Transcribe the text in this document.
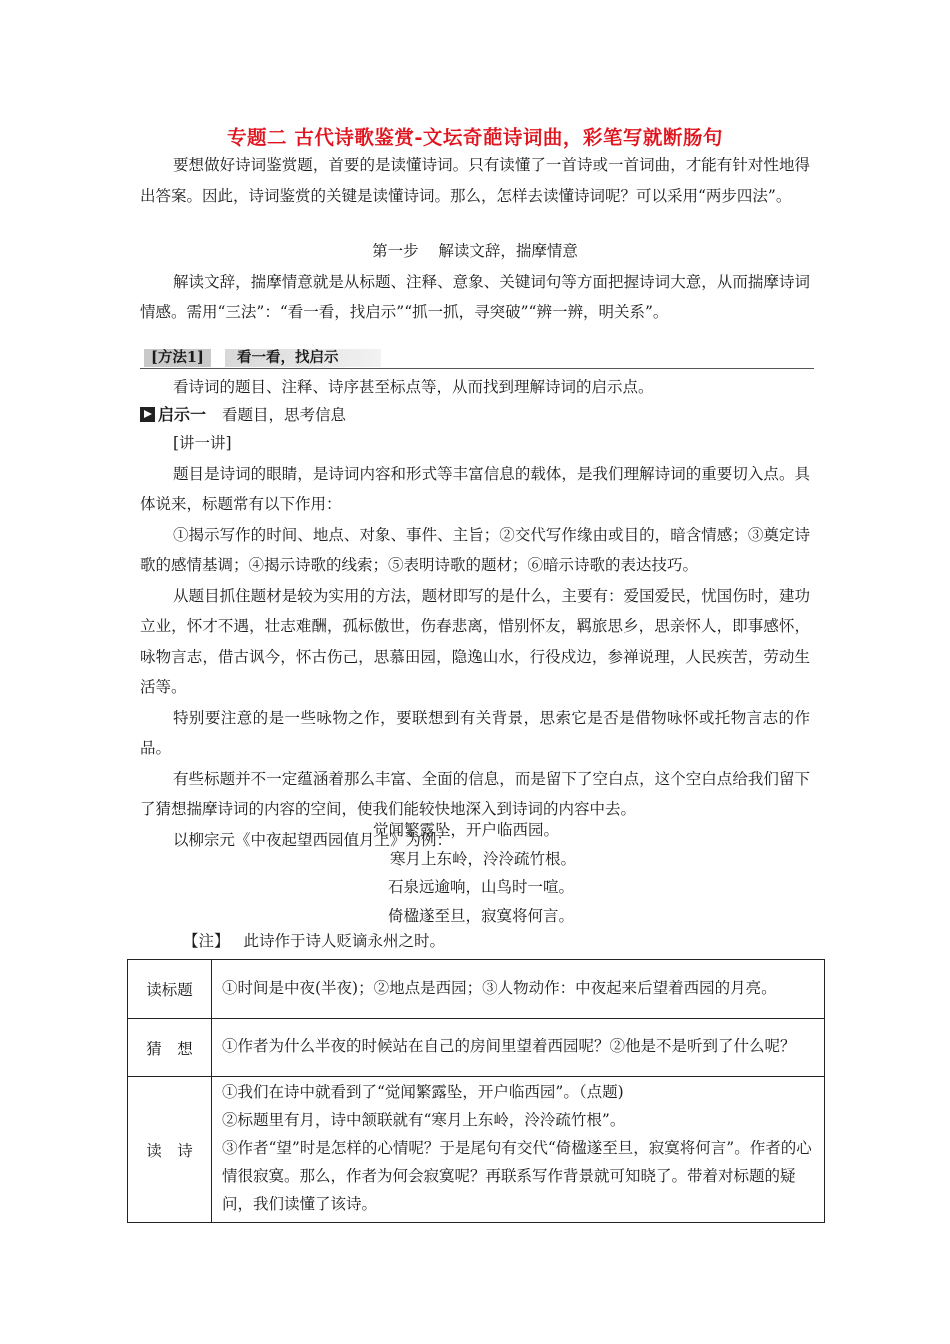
专题二 古代诗歌鉴赏-文坛奇葩诗词曲，彩笔写就断肠句

要想做好诗词鉴赏题，首要的是读懂诗词。只有读懂了一首诗或一首词曲，才能有针对性地得出答案。因此，诗词鉴赏的关键是读懂诗词。那么，怎样去读懂诗词呢？可以采用“两步四法”。

第一步    解读文辞，揣摩情意

解读文辞，揣摩情意就是从标题、注释、意象、关键词句等方面把握诗词大意，从而揣摩诗词情感。需用“三法”：“看一看，找启示”“抓一抓，寻突破”“辨一辨，明关系”。

[方法1]	看一看，找启示

看诗词的题目、注释、诗序甚至标点等，从而找到理解诗词的启示点。

启示一 看题目，思考信息

[讲一讲]

题目是诗词的眼睛，是诗词内容和形式等丰富信息的载体，是我们理解诗词的重要切入点。具体说来，标题常有以下作用：

①揭示写作的时间、地点、对象、事件、主旨；②交代写作缘由或目的，暗含情感；③奠定诗歌的感情基调；④揭示诗歌的线索；⑤表明诗歌的题材；⑥暗示诗歌的表达技巧。

从题目抓住题材是较为实用的方法，题材即写的是什么，主要有：爱国爱民，忧国伤时，建功立业，怀才不遇，壮志难酬，孤标傲世，伤春悲离，惜别怀友，羁旅思乡，思亲怀人，即事感怀，咏物言志，借古讽今，怀古伤己，思慕田园，隐逸山水，行役戍边，参禅说理，人民疾苦，劳动生活等。

特别要注意的是一些咏物之作，要联想到有关背景，思索它是否是借物咏怀或托物言志的作品。

有些标题并不一定蕴涵着那么丰富、全面的信息，而是留下了空白点，这个空白点给我们留下了猜想揣摩诗词的内容的空间，使我们能较快地深入到诗词的内容中去。

以柳宗元《中夜起望西园值月上》为例：

觉闻繁露坠，开户临西园。
寒月上东岭，泠泠疏竹根。
石泉远逾响，山鸟时一喧。
倚楹遂至旦，寂寞将何言。
【注】 此诗作于诗人贬谪永州之时。
读标题	①时间是中夜(半夜)；②地点是西园；③人物动作：中夜起来后望着西园的月亮。

猜　想	①作者为什么半夜的时候站在自己的房间里望着西园呢？②他是不是听到了什么呢？

读　诗	①我们在诗中就看到了“觉闻繁露坠，开户临西园”。（点题)
②标题里有月，诗中颔联就有“寒月上东岭，泠泠疏竹根”。
③作者“望”时是怎样的心情呢？于是尾句有交代“倚楹遂至旦，寂寞将何言”。作者的心情很寂寞。那么，作者为何会寂寞呢？再联系写作背景就可知晓了。带着对标题的疑问，我们读懂了该诗。
